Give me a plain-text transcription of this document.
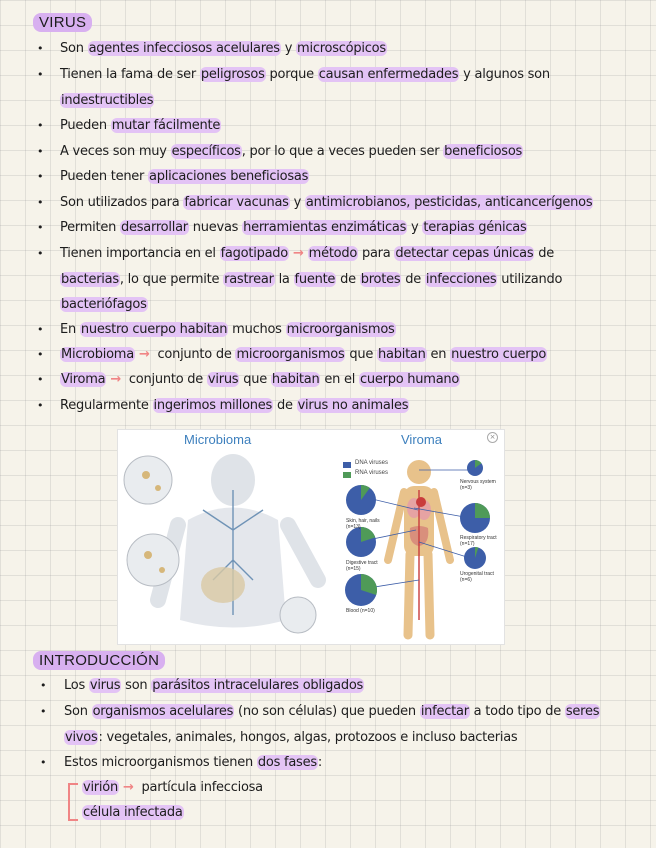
VIRUS
• Son agentes infecciosos acelulares y microscópicos
• Tienen la fama de ser peligrosos porque causan enfermedades y algunos son
indestructibles
• Pueden mutar fácilmente
• A veces son muy específicos, por lo que a veces pueden ser beneficiosos
• Pueden tener aplicaciones beneficiosas
• Son utilizados para fabricar vacunas y antimicrobianos, pesticidas, anticancerígenos
• Permiten desarrollar nuevas herramientas enzimáticas y terapias génicas
• Tienen importancia en el fagotipado → método para detectar cepas únicas de
bacterias, lo que permite rastrear la fuente de brotes de infecciones utilizando
bacteriófagos
• En nuestro cuerpo habitan muchos microorganismos
• Microbioma → conjunto de microorganismos que habitan en nuestro cuerpo
• Viroma → conjunto de virus que habitan en el cuerpo humano
• Regularmente ingerimos millones de virus no animales
Microbioma	Viroma	×
DNA viruses
RNA viruses
Skin, hair, nails (n=13)
Digestive tract (n=15)
Blood (n=10)
Nervous system (n=3)
Respiratory tract (n=17)
Urogenital tract (n=6)
INTRODUCCIÓN
• Los virus son parásitos intracelulares obligados
• Son organismos acelulares (no son células) que pueden infectar a todo tipo de seres
vivos: vegetales, animales, hongos, algas, protozoos e incluso bacterias
• Estos microorganismos tienen dos fases:
virión → partícula infecciosa
célula infectada
